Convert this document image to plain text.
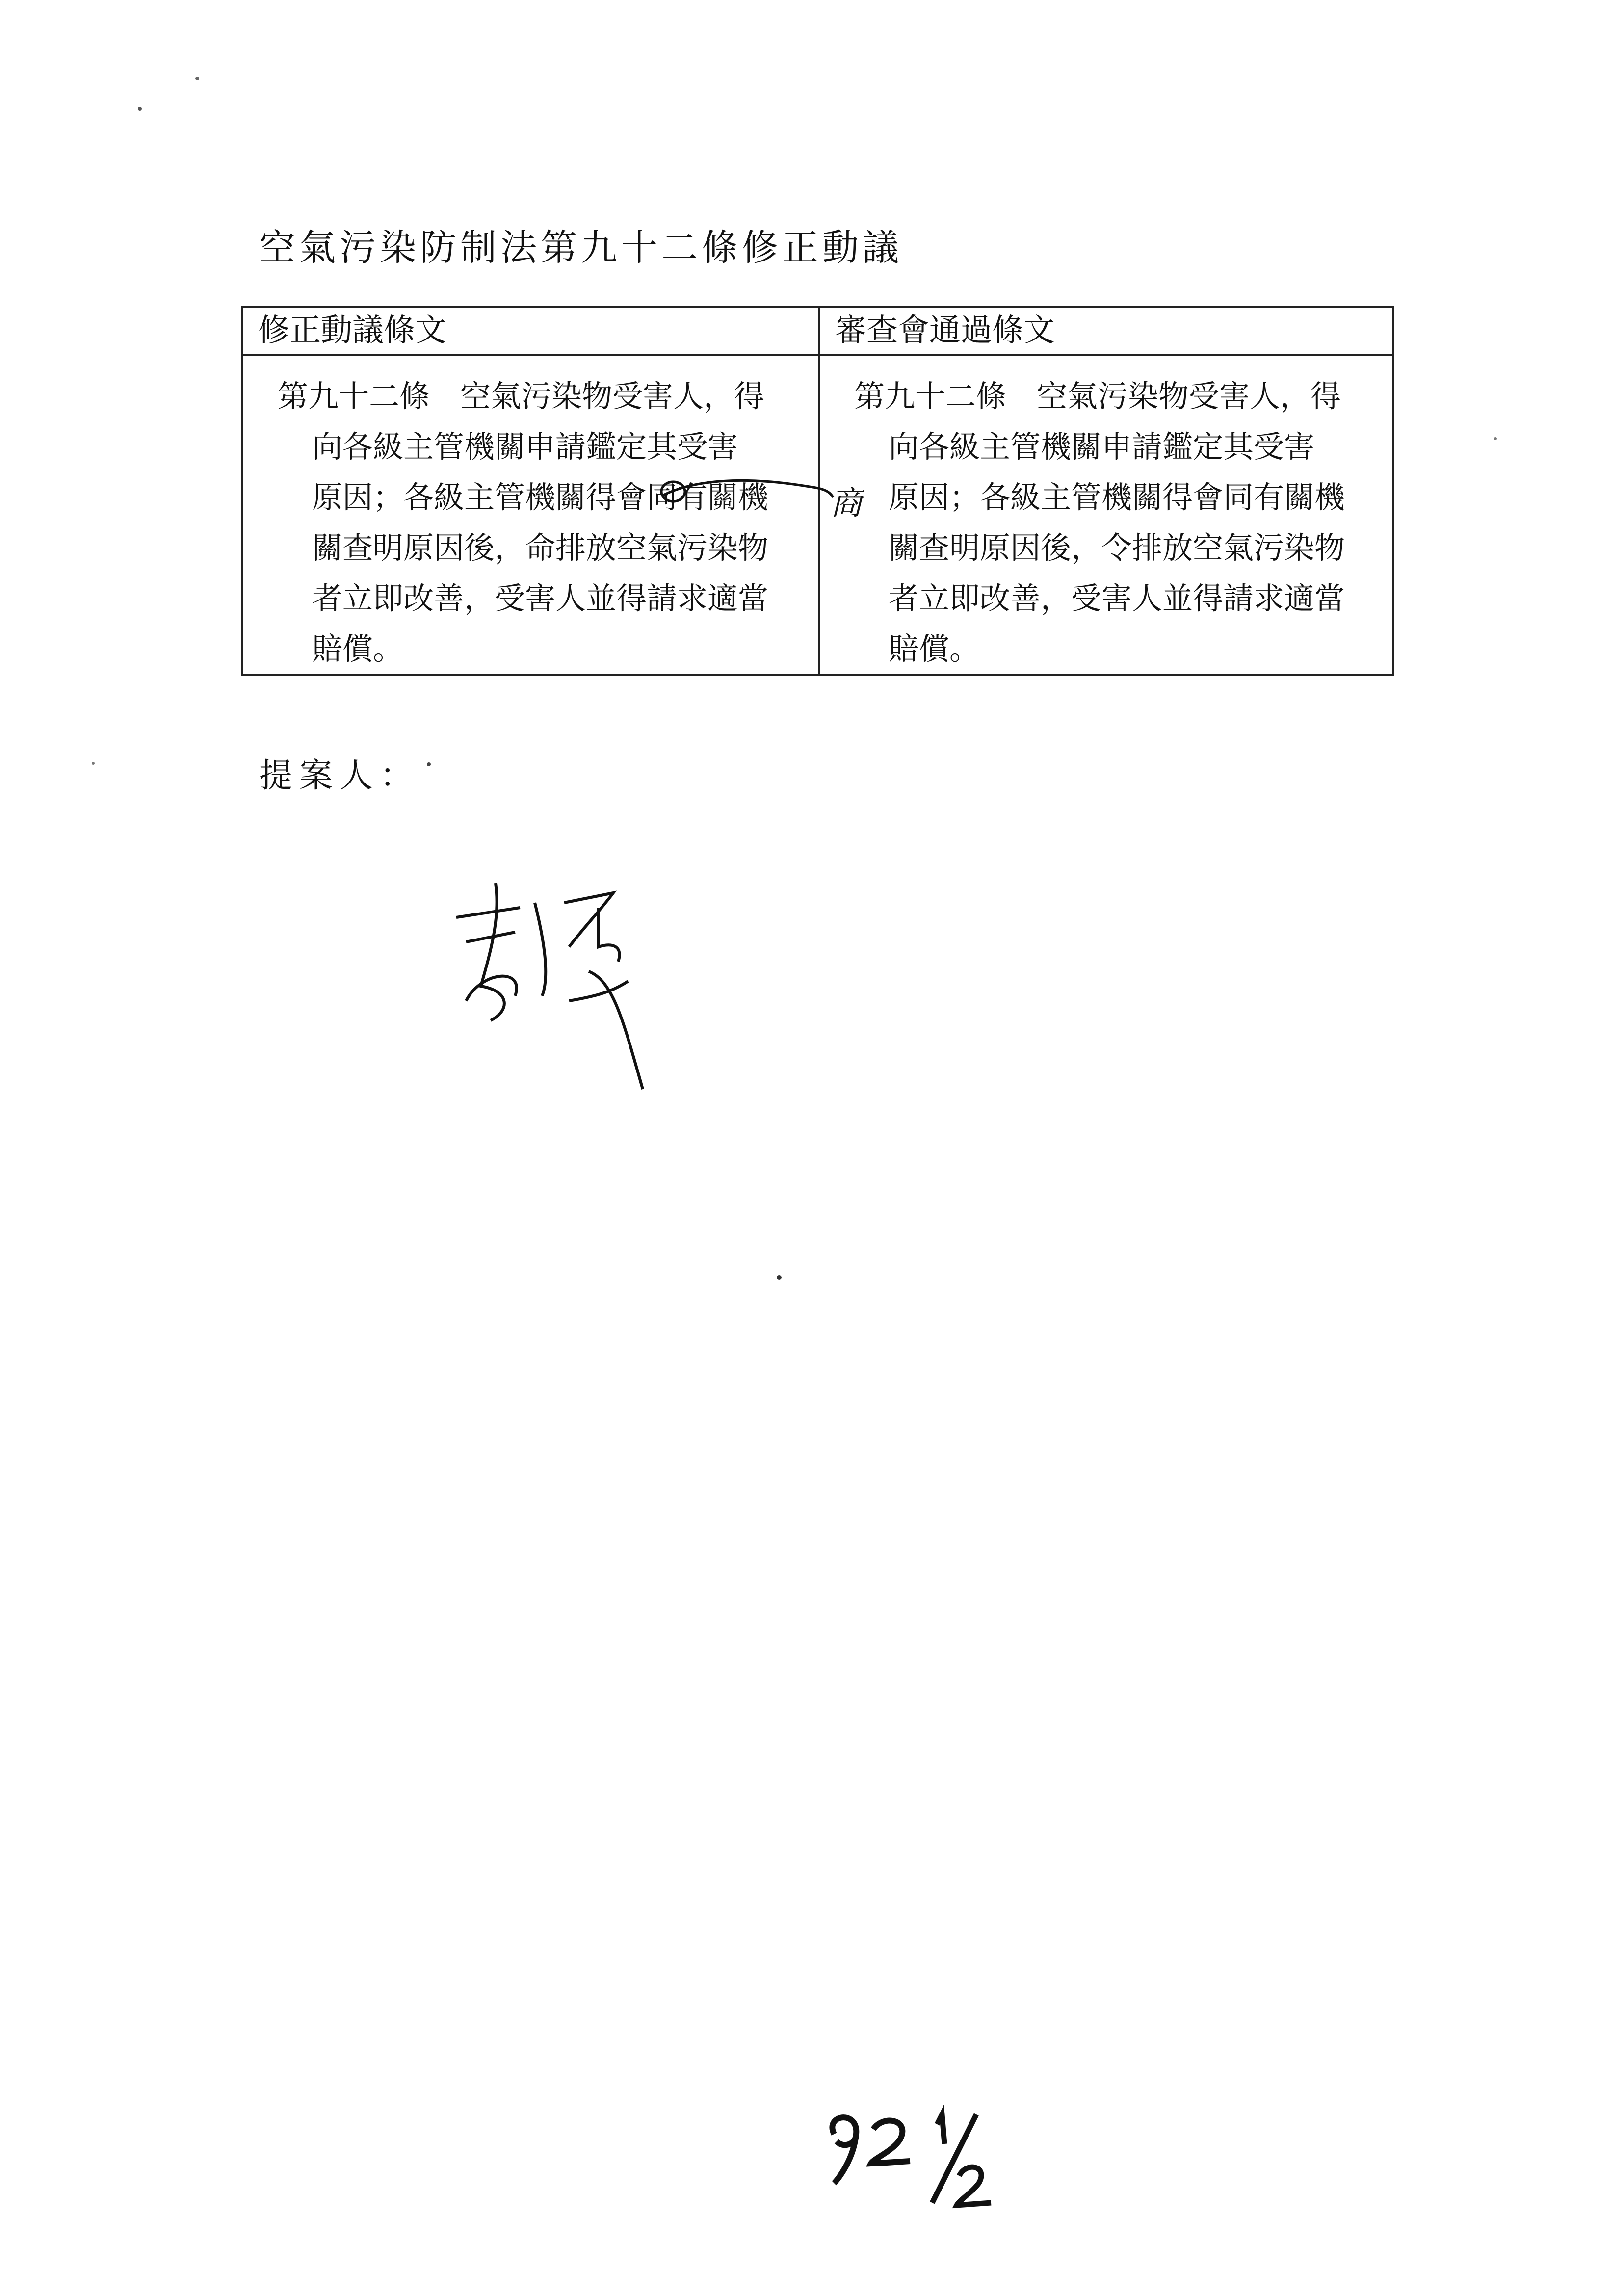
空氣污染防制法第九十二條修正動議
修正動議條文	審查會通過條文
第九十二條　空氣污染物受害人，得
向各級主管機關申請鑑定其受害
原因；各級主管機關得會同有關機
關查明原因後，命排放空氣污染物
者立即改善，受害人並得請求適當
賠償。
第九十二條　空氣污染物受害人，得
向各級主管機關申請鑑定其受害
原因；各級主管機關得會同有關機
關查明原因後，令排放空氣污染物
者立即改善，受害人並得請求適當
賠償。
商
提案人：
